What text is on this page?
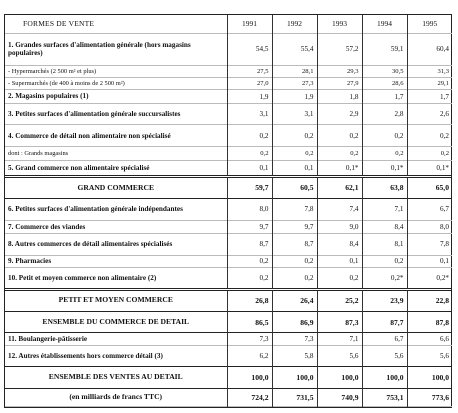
FORMES DE VENTE	1991	1992	1993	1994	1995
1. Grandes surfaces d'alimentation générale (hors magasins populaires)	54,5	55,4	57,2	59,1	60,4
- Hypermarchés (2 500 m² et plus)	27,5	28,1	29,3	30,5	31,3
- Supermarchés (de 400 à moins de 2 500 m²)	27,0	27,3	27,9	28,6	29,1
2. Magasins populaires (1)	1,9	1,9	1,8	1,7	1,7
3. Petites surfaces d'alimentation générale succursalistes	3,1	3,1	2,9	2,8	2,6
4. Commerce de détail non alimentaire non spécialisé	0,2	0,2	0,2	0,2	0,2
dont : Grands magasins	0,2	0,2	0,2	0,2	0,2
5. Grand commerce non alimentaire spécialisé	0,1	0,1	0,1*	0,1*	0,1*
GRAND COMMERCE	59,7	60,5	62,1	63,8	65,0
6. Petites surfaces d'alimentation générale indépendantes	8,0	7,8	7,4	7,1	6,7
7. Commerce des viandes	9,7	9,7	9,0	8,4	8,0
8. Autres commerces de détail alimentaires spécialisés	8,7	8,7	8,4	8,1	7,8
9. Pharmacies	0,2	0,2	0,1	0,2	0,1
10. Petit et moyen commerce non alimentaire (2)	0,2	0,2	0,2	0,2*	0,2*
PETIT ET MOYEN COMMERCE	26,8	26,4	25,2	23,9	22,8
ENSEMBLE DU COMMERCE DE DETAIL	86,5	86,9	87,3	87,7	87,8
11. Boulangerie-pâtisserie	7,3	7,3	7,1	6,7	6,6
12. Autres établissements hors commerce détail (3)	6,2	5,8	5,6	5,6	5,6
ENSEMBLE DES VENTES AU DETAIL	100,0	100,0	100,0	100,0	100,0
(en milliards de francs TTC)	724,2	731,5	740,9	753,1	773,6
